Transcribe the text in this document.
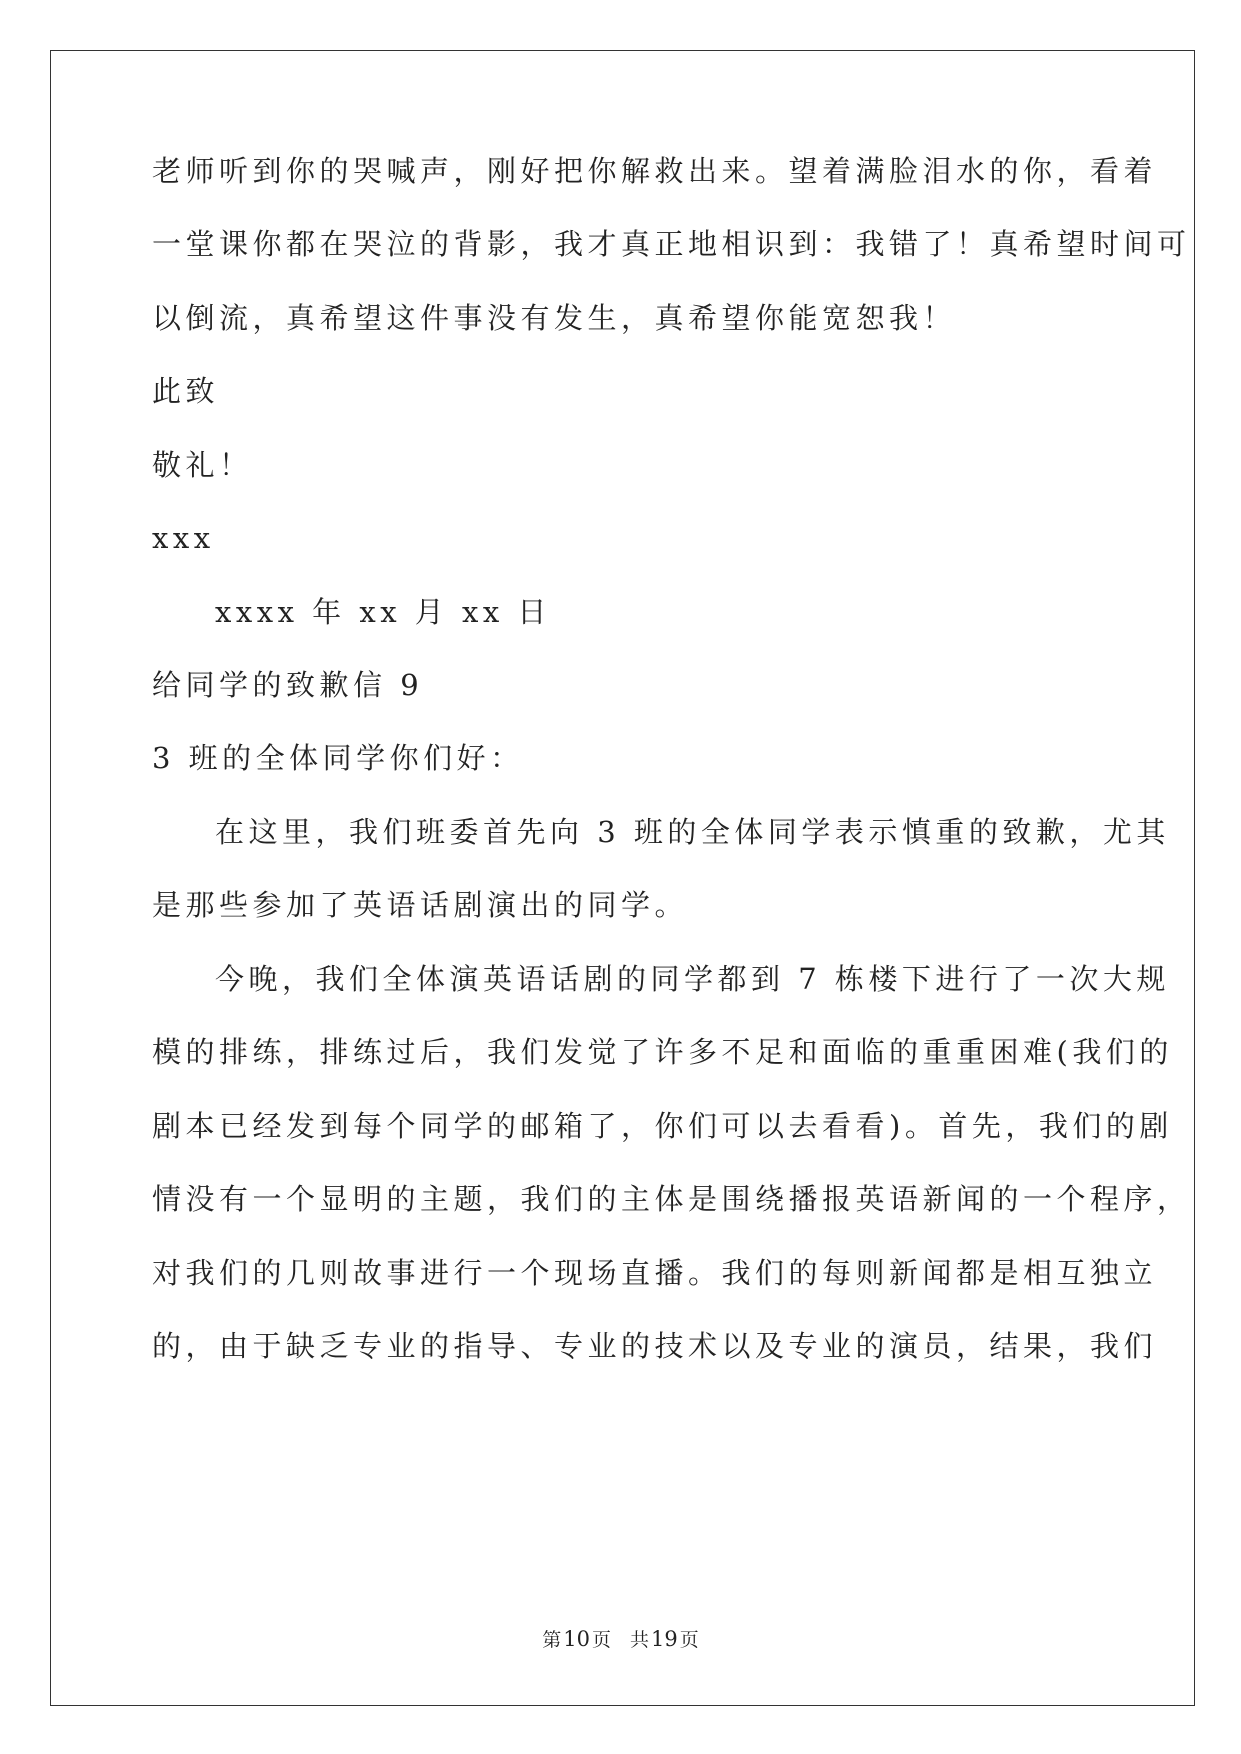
老师听到你的哭喊声，刚好把你解救出来。望着满脸泪水的你，看着
一堂课你都在哭泣的背影，我才真正地相识到：我错了！真希望时间可
以倒流，真希望这件事没有发生，真希望你能宽恕我！
此致
敬礼！
xxx
xxxx 年 xx 月 xx 日
给同学的致歉信 9
3 班的全体同学你们好：
在这里，我们班委首先向 3 班的全体同学表示慎重的致歉，尤其
是那些参加了英语话剧演出的同学。
今晚，我们全体演英语话剧的同学都到 7 栋楼下进行了一次大规
模的排练，排练过后，我们发觉了许多不足和面临的重重困难(我们的
剧本已经发到每个同学的邮箱了，你们可以去看看)。首先，我们的剧
情没有一个显明的主题，我们的主体是围绕播报英语新闻的一个程序，
对我们的几则故事进行一个现场直播。我们的每则新闻都是相互独立
的，由于缺乏专业的指导、专业的技术以及专业的演员，结果，我们
第10 页　共19 页
